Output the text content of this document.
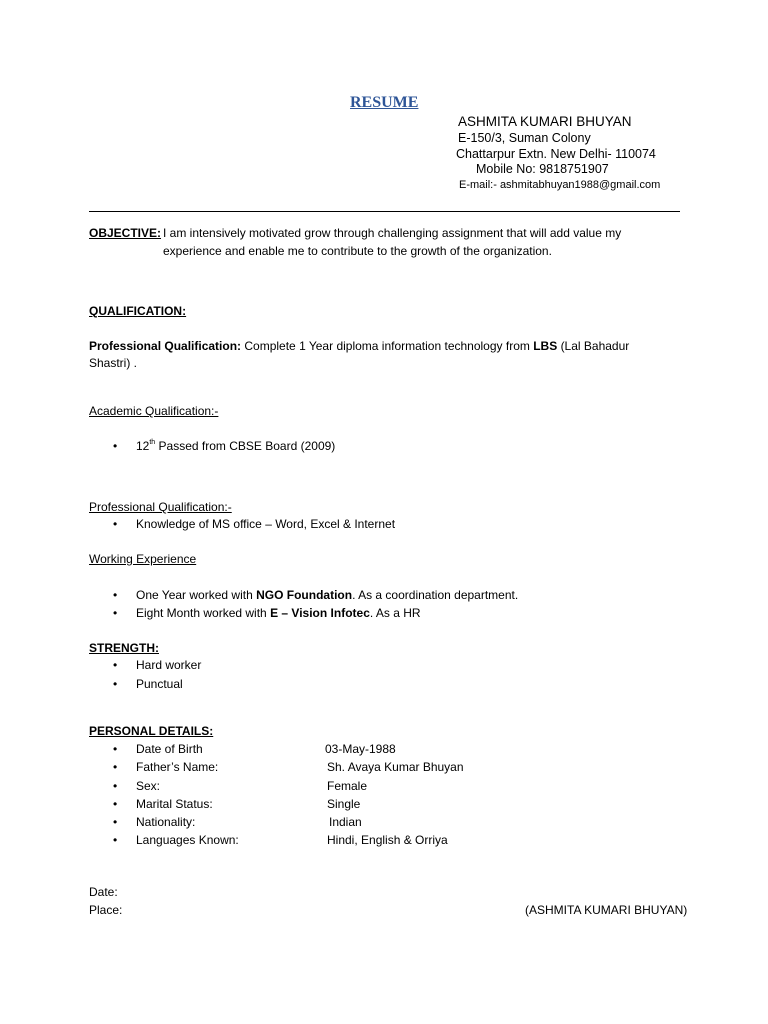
RESUME
ASHMITA KUMARI BHUYAN
E-150/3, Suman Colony
Chattarpur Extn. New Delhi- 110074
Mobile No: 9818751907
E-mail:- ashmitabhuyan1988@gmail.com
OBJECTIVE: I am intensively motivated grow through challenging assignment that will add value my
experience and enable me to contribute to the growth of the organization.
QUALIFICATION:
Professional Qualification: Complete 1 Year diploma information technology from LBS (Lal Bahadur
Shastri) .
Academic Qualification:-
• 12th Passed from CBSE Board (2009)
Professional Qualification:-
• Knowledge of MS office – Word, Excel & Internet
Working Experience
• One Year worked with NGO Foundation. As a coordination department.
• Eight Month worked with E – Vision Infotec. As a HR
STRENGTH:
• Hard worker
• Punctual
PERSONAL DETAILS:
• Date of Birth	03-May-1988
• Father’s Name:	Sh. Avaya Kumar Bhuyan
• Sex:	Female
• Marital Status:	Single
• Nationality:	Indian
• Languages Known:	Hindi, English & Orriya
Date:
Place:	(ASHMITA KUMARI BHUYAN)
